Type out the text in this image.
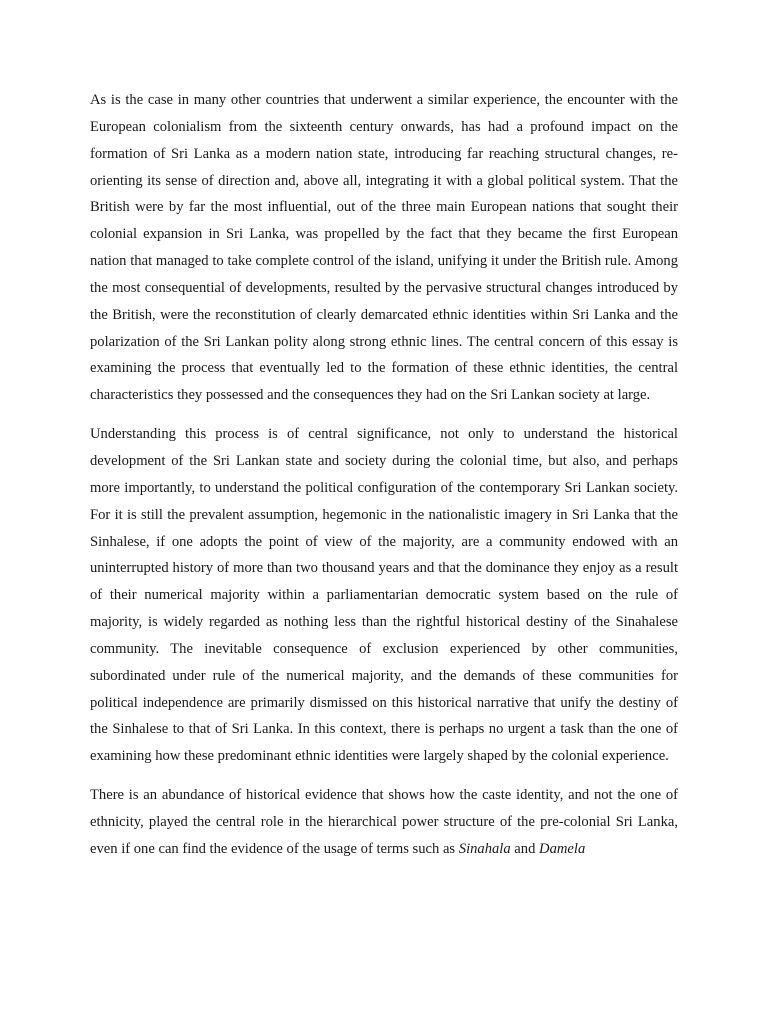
As is the case in many other countries that underwent a similar experience, the encounter with the European colonialism from the sixteenth century onwards, has had a profound impact on the formation of Sri Lanka as a modern nation state, introducing far reaching structural changes, re-orienting its sense of direction and, above all, integrating it with a global political system. That the British were by far the most influential, out of the three main European nations that sought their colonial expansion in Sri Lanka, was propelled by the fact that they became the first European nation that managed to take complete control of the island, unifying it under the British rule. Among the most consequential of developments, resulted by the pervasive structural changes introduced by the British, were the reconstitution of clearly demarcated ethnic identities within Sri Lanka and the polarization of the Sri Lankan polity along strong ethnic lines. The central concern of this essay is examining the process that eventually led to the formation of these ethnic identities, the central characteristics they possessed and the consequences they had on the Sri Lankan society at large.

Understanding this process is of central significance, not only to understand the historical development of the Sri Lankan state and society during the colonial time, but also, and perhaps more importantly, to understand the political configuration of the contemporary Sri Lankan society. For it is still the prevalent assumption, hegemonic in the nationalistic imagery in Sri Lanka that the Sinhalese, if one adopts the point of view of the majority, are a community endowed with an uninterrupted history of more than two thousand years and that the dominance they enjoy as a result of their numerical majority within a parliamentarian democratic system based on the rule of majority, is widely regarded as nothing less than the rightful historical destiny of the Sinahalese community. The inevitable consequence of exclusion experienced by other communities, subordinated under rule of the numerical majority, and the demands of these communities for political independence are primarily dismissed on this historical narrative that unify the destiny of the Sinhalese to that of Sri Lanka. In this context, there is perhaps no urgent a task than the one of examining how these predominant ethnic identities were largely shaped by the colonial experience.

There is an abundance of historical evidence that shows how the caste identity, and not the one of ethnicity, played the central role in the hierarchical power structure of the pre-colonial Sri Lanka, even if one can find the evidence of the usage of terms such as Sinahala and Damela
